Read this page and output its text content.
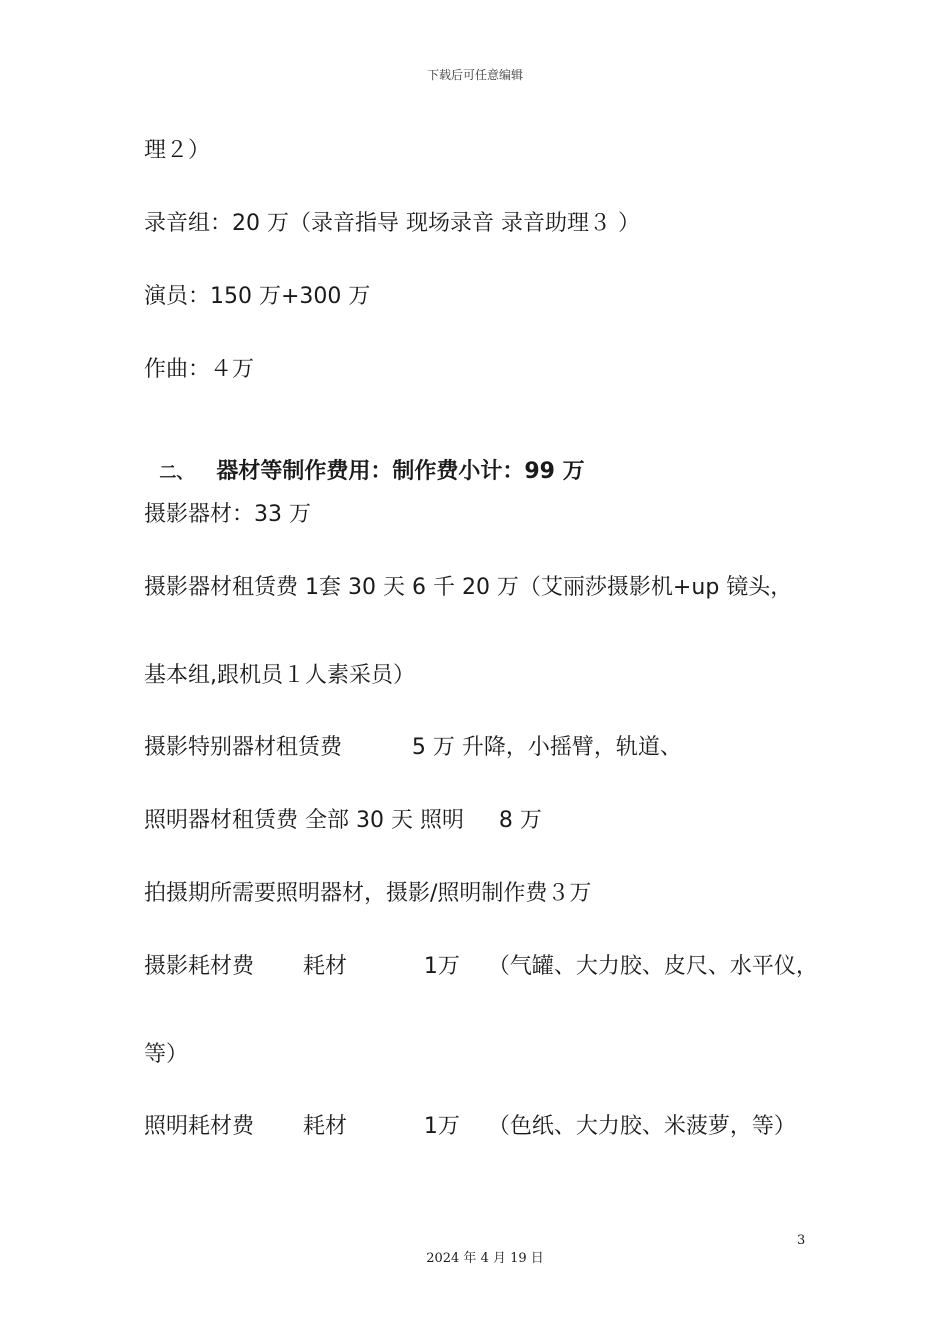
下载后可任意编辑
理２）
录音组：20 万（录音指导 现场录音 录音助理３ ）
演员：150 万+300 万
作曲：４万

二、 器材等制作费用：制作费小计：99 万

摄影器材：33 万
摄影器材租赁费 1套 30 天 6 千 20 万（艾丽莎摄影机+up 镜头，
基本组,跟机员１人素采员）
摄影特别器材租赁费          5 万 升降，小摇臂，轨道、
照明器材租赁费 全部 30 天 照明     8 万
拍摄期所需要照明器材，摄影/照明制作费３万
摄影耗材费       耗材           1万    （气罐、大力胶、皮尺、水平仪，
等）
照明耗材费       耗材           1万    （色纸、大力胶、米菠萝，等）
3
2024 年 4 月 19 日
